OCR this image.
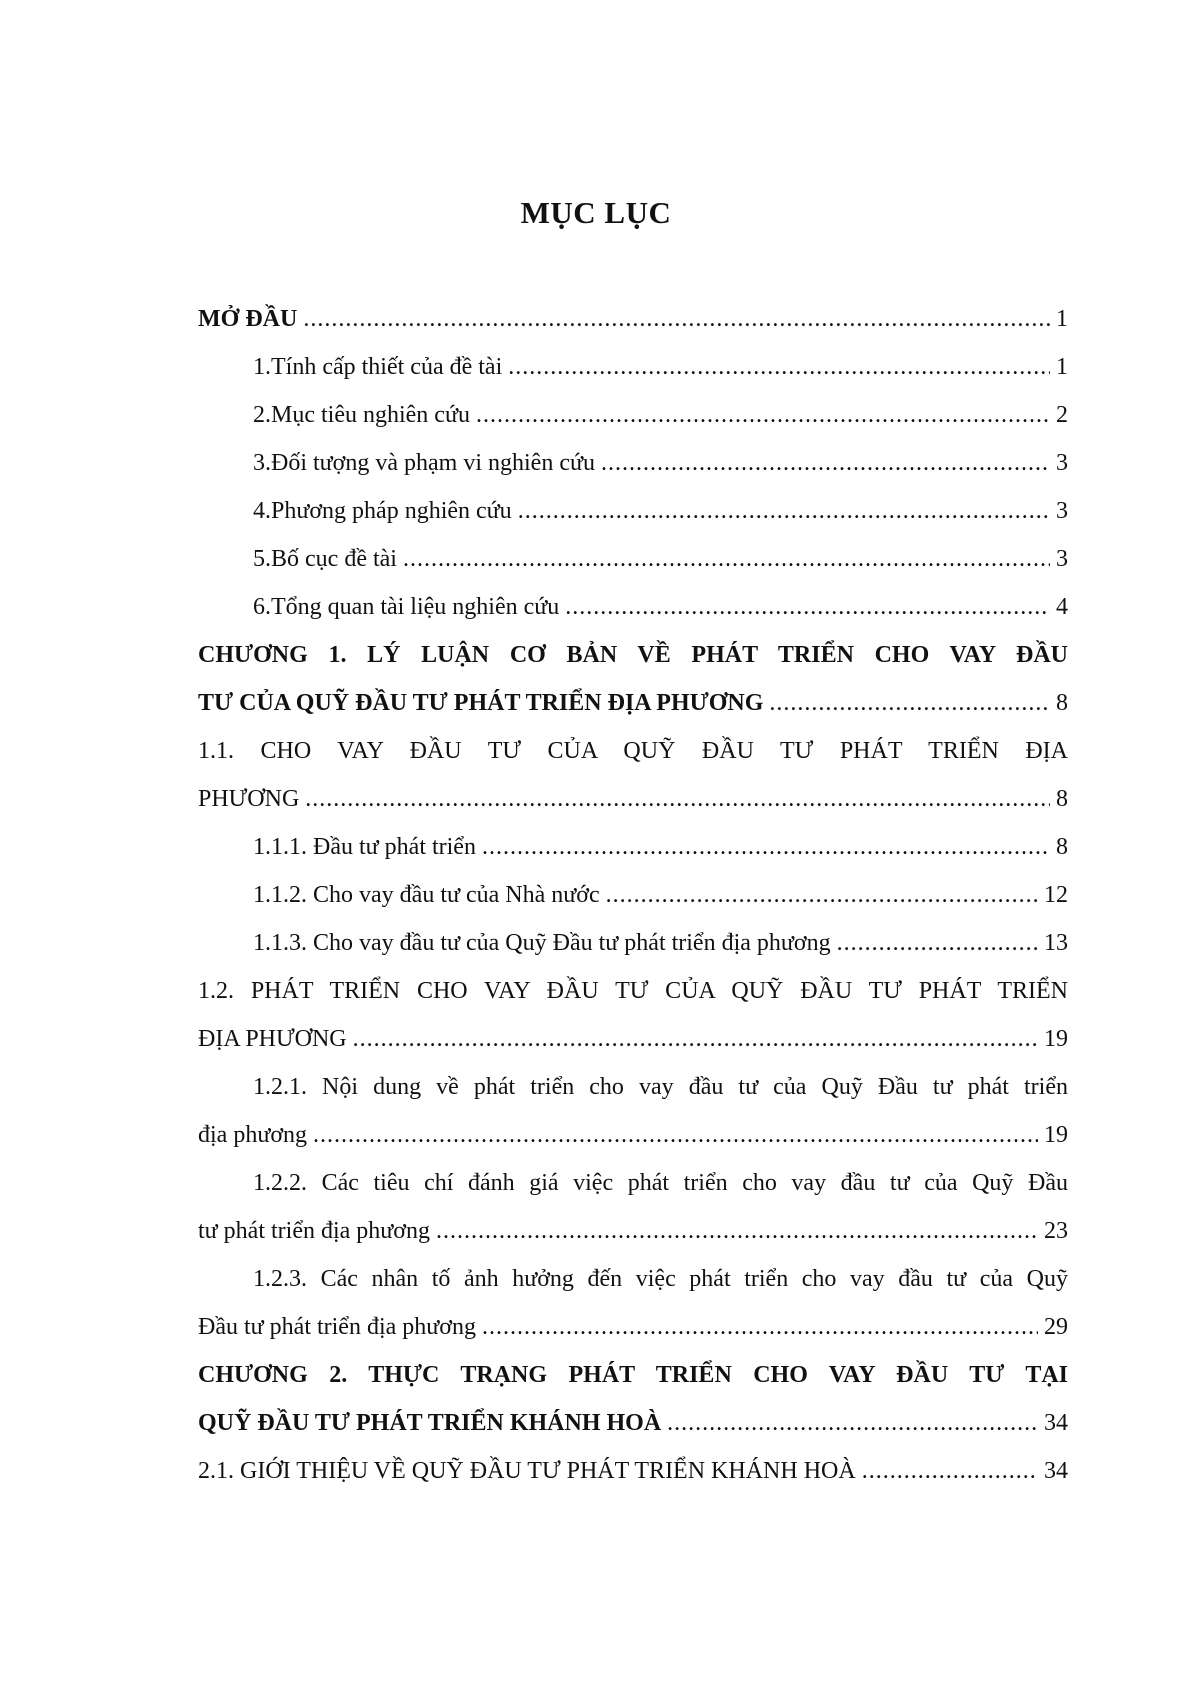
MỤC LỤC
MỞ ĐẦU .....	1
1. Tính cấp thiết của đề tài .....	1
2. Mục tiêu nghiên cứu .....	2
3. Đối tượng và phạm vi nghiên cứu .....	3
4. Phương pháp nghiên cứu .....	3
5. Bố cục đề tài .....	3
6. Tổng quan tài liệu nghiên cứu .....	4
CHƯƠNG 1. LÝ LUẬN CƠ BẢN VỀ PHÁT TRIỂN CHO VAY ĐẦU
TƯ CỦA QUỸ ĐẦU TƯ PHÁT TRIỂN ĐỊA PHƯƠNG .....	8
1.1. CHO VAY ĐẦU TƯ CỦA QUỸ ĐẦU TƯ PHÁT TRIỂN ĐỊA
PHƯƠNG .....	8
1.1.1. Đầu tư phát triển .....	8
1.1.2. Cho vay đầu tư của Nhà nước .....	12
1.1.3. Cho vay đầu tư của Quỹ Đầu tư phát triển địa phương .....	13
1.2. PHÁT TRIỂN CHO VAY ĐẦU TƯ CỦA QUỸ ĐẦU TƯ PHÁT TRIỂN
ĐỊA PHƯƠNG .....	19
1.2.1. Nội dung về phát triển cho vay đầu tư của Quỹ Đầu tư phát triển
địa phương .....	19
1.2.2. Các tiêu chí đánh giá việc phát triển cho vay đầu tư của Quỹ Đầu
tư phát triển địa phương .....	23
1.2.3. Các nhân tố ảnh hưởng đến việc phát triển cho vay đầu tư của Quỹ
Đầu tư phát triển địa phương .....	29
CHƯƠNG 2. THỰC TRẠNG PHÁT TRIỂN CHO VAY ĐẦU TƯ TẠI
QUỸ ĐẦU TƯ PHÁT TRIỂN KHÁNH HOÀ .....	34
2.1. GIỚI THIỆU VỀ QUỸ ĐẦU TƯ PHÁT TRIỂN KHÁNH HOÀ .....	34
